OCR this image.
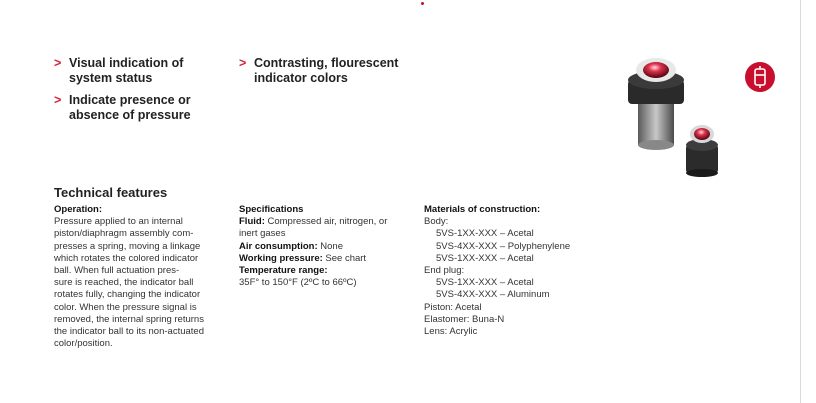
> Visual indication of
system status
> Indicate presence or
absence of pressure
> Contrasting, flourescent
indicator colors
Technical features
Operation:
Pressure applied to an internal
piston/diaphragm assembly com-
presses a spring, moving a linkage
which rotates the colored indicator
ball. When full actuation pres-
sure is reached, the indicator ball
rotates fully, changing the indicator
color. When the pressure signal is
removed, the internal spring returns
the indicator ball to its non-actuated
color/position.
Specifications
Fluid: Compressed air, nitrogen, or
inert gases
Air consumption: None
Working pressure: See chart
Temperature range:
35F° to 150°F (2ºC to 66ºC)
Materials of construction:
Body:
5VS-1XX-XXX – Acetal
5VS-4XX-XXX – Polyphenylene
5VS-1XX-XXX – Acetal
End plug:
5VS-1XX-XXX – Acetal
5VS-4XX-XXX – Aluminum
Piston: Acetal
Elastomer: Buna-N
Lens: Acrylic
